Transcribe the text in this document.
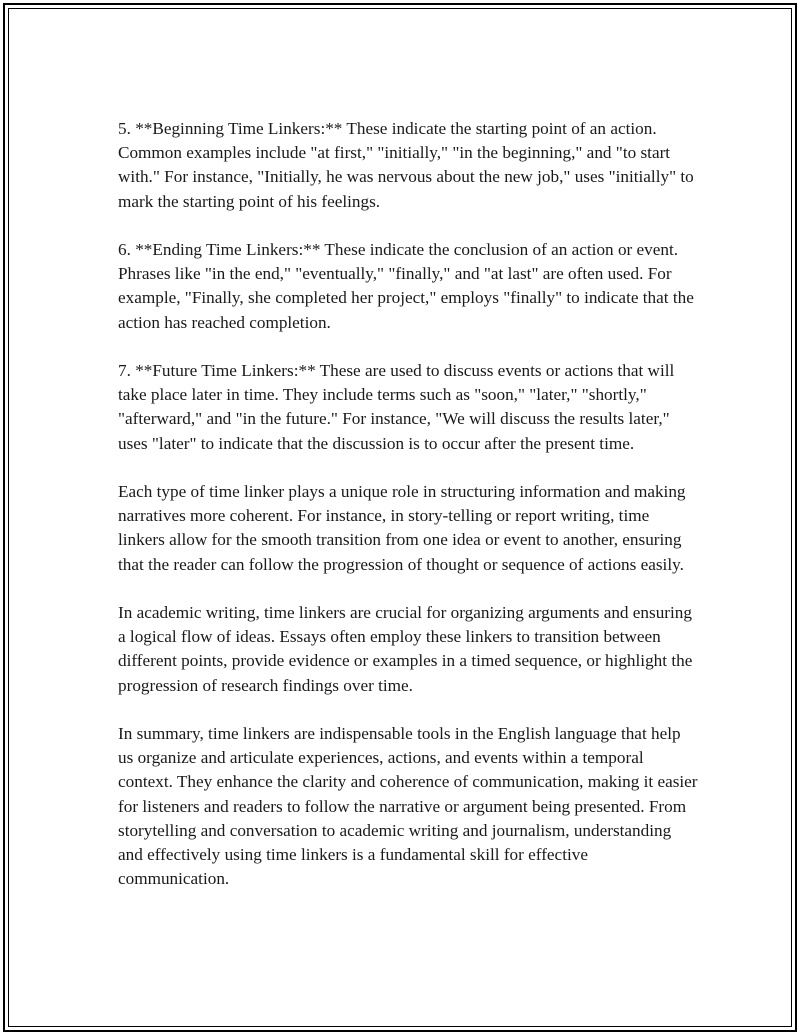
5. **Beginning Time Linkers:** These indicate the starting point of an action. Common examples include "at first," "initially," "in the beginning," and "to start with." For instance, "Initially, he was nervous about the new job," uses "initially" to mark the starting point of his feelings.

6. **Ending Time Linkers:** These indicate the conclusion of an action or event. Phrases like "in the end," "eventually," "finally," and "at last" are often used. For example, "Finally, she completed her project," employs "finally" to indicate that the action has reached completion.

7. **Future Time Linkers:** These are used to discuss events or actions that will take place later in time. They include terms such as "soon," "later," "shortly," "afterward," and "in the future." For instance, "We will discuss the results later," uses "later" to indicate that the discussion is to occur after the present time.

Each type of time linker plays a unique role in structuring information and making narratives more coherent. For instance, in story-telling or report writing, time linkers allow for the smooth transition from one idea or event to another, ensuring that the reader can follow the progression of thought or sequence of actions easily.

In academic writing, time linkers are crucial for organizing arguments and ensuring a logical flow of ideas. Essays often employ these linkers to transition between different points, provide evidence or examples in a timed sequence, or highlight the progression of research findings over time.

In summary, time linkers are indispensable tools in the English language that help us organize and articulate experiences, actions, and events within a temporal context. They enhance the clarity and coherence of communication, making it easier for listeners and readers to follow the narrative or argument being presented. From storytelling and conversation to academic writing and journalism, understanding and effectively using time linkers is a fundamental skill for effective communication.
